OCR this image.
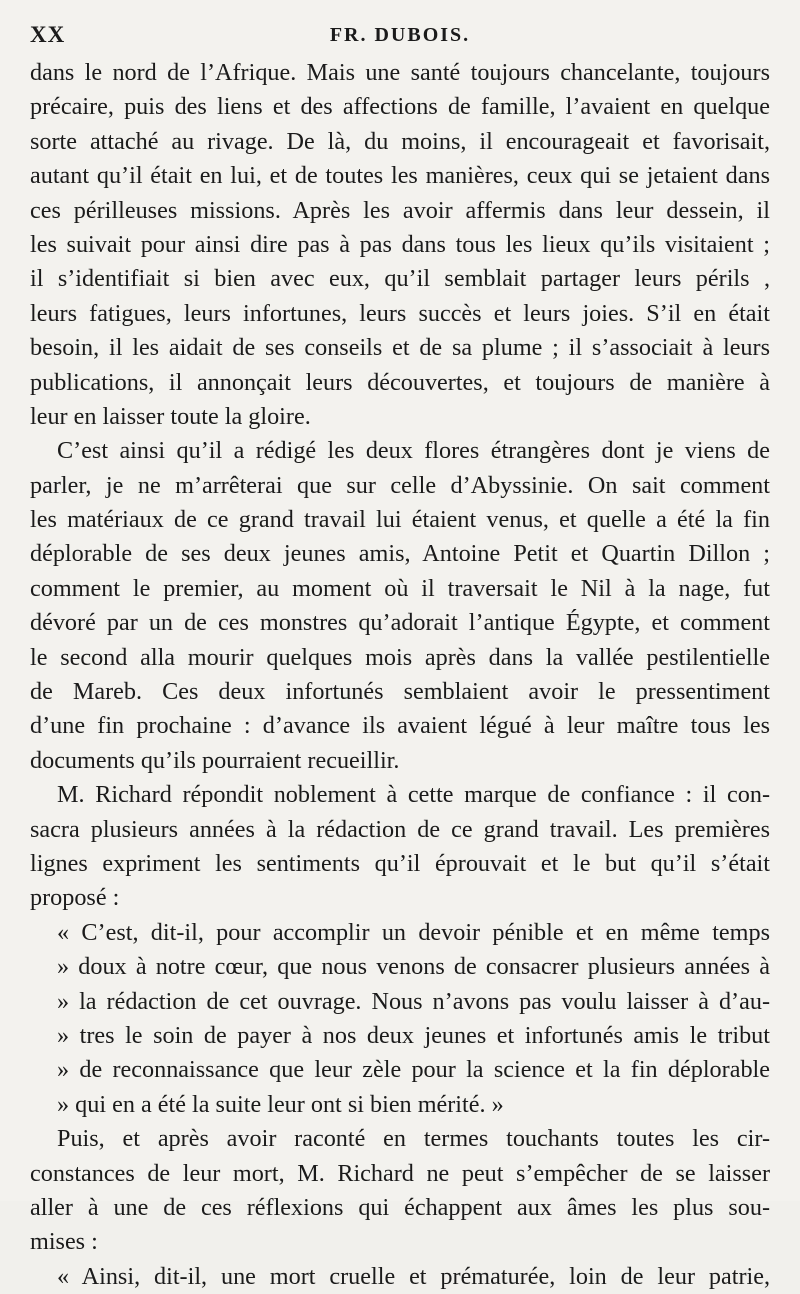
XX	FR. DUBOIS.
dans le nord de l’Afrique. Mais une santé toujours chancelante, toujours
précaire, puis des liens et des affections de famille, l’avaient en quelque
sorte attaché au rivage. De là, du moins, il encourageait et favorisait,
autant qu’il était en lui, et de toutes les manières, ceux qui se jetaient dans
ces périlleuses missions. Après les avoir affermis dans leur dessein, il
les suivait pour ainsi dire pas à pas dans tous les lieux qu’ils visitaient ;
il s’identifiait si bien avec eux, qu’il semblait partager leurs périls ,
leurs fatigues, leurs infortunes, leurs succès et leurs joies. S’il en était
besoin, il les aidait de ses conseils et de sa plume ; il s’associait à leurs
publications, il annonçait leurs découvertes, et toujours de manière à
leur en laisser toute la gloire.
C’est ainsi qu’il a rédigé les deux flores étrangères dont je viens de
parler, je ne m’arrêterai que sur celle d’Abyssinie. On sait comment
les matériaux de ce grand travail lui étaient venus, et quelle a été la fin
déplorable de ses deux jeunes amis, Antoine Petit et Quartin Dillon ;
comment le premier, au moment où il traversait le Nil à la nage, fut
dévoré par un de ces monstres qu’adorait l’antique Égypte, et comment
le second alla mourir quelques mois après dans la vallée pestilentielle
de Mareb. Ces deux infortunés semblaient avoir le pressentiment
d’une fin prochaine : d’avance ils avaient légué à leur maître tous les
documents qu’ils pourraient recueillir.
M. Richard répondit noblement à cette marque de confiance : il con-
sacra plusieurs années à la rédaction de ce grand travail. Les premières
lignes expriment les sentiments qu’il éprouvait et le but qu’il s’était
proposé :
« C’est, dit-il, pour accomplir un devoir pénible et en même temps
» doux à notre cœur, que nous venons de consacrer plusieurs années à
» la rédaction de cet ouvrage. Nous n’avons pas voulu laisser à d’au-
» tres le soin de payer à nos deux jeunes et infortunés amis le tribut
» de reconnaissance que leur zèle pour la science et la fin déplorable
» qui en a été la suite leur ont si bien mérité. »
Puis, et après avoir raconté en termes touchants toutes les cir-
constances de leur mort, M. Richard ne peut s’empêcher de se laisser
aller à une de ces réflexions qui échappent aux âmes les plus sou-
mises :
« Ainsi, dit-il, une mort cruelle et prématurée, loin de leur patrie,
